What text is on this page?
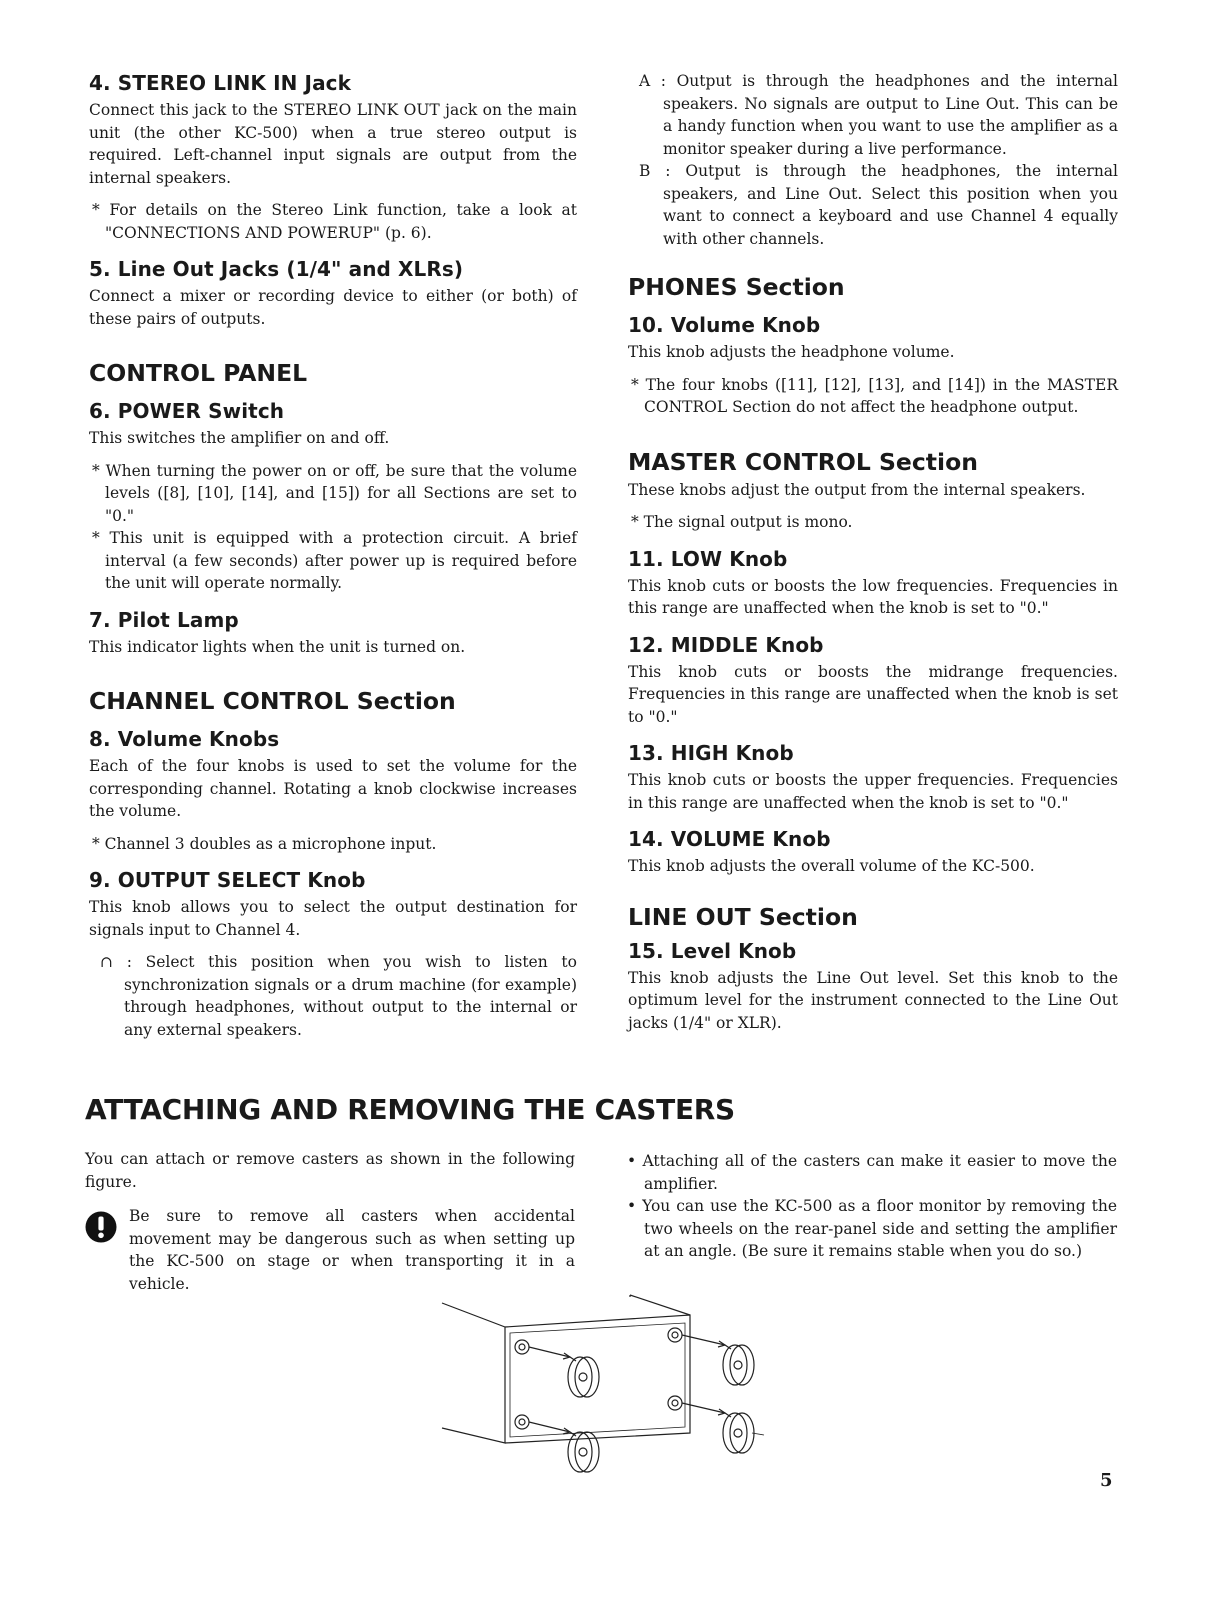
4. STEREO LINK IN Jack

Connect this jack to the STEREO LINK OUT jack on the main unit (the other KC-500) when a true stereo output is required. Left-channel input signals are output from the internal speakers.

* For details on the Stereo Link function, take a look at "CONNECTIONS AND POWERUP" (p. 6).

5. Line Out Jacks (1/4" and XLRs)

Connect a mixer or recording device to either (or both) of these pairs of outputs.

CONTROL PANEL
6. POWER Switch

This switches the amplifier on and off.

* When turning the power on or off, be sure that the volume levels ([8], [10], [14], and [15]) for all Sections are set to "0."

* This unit is equipped with a protection circuit. A brief interval (a few seconds) after power up is required before the unit will operate normally.

7. Pilot Lamp

This indicator lights when the unit is turned on.

CHANNEL CONTROL Section
8. Volume Knobs

Each of the four knobs is used to set the volume for the corresponding channel. Rotating a knob clockwise increases the volume.

* Channel 3 doubles as a microphone input.

9. OUTPUT SELECT Knob

This knob allows you to select the output destination for signals input to Channel 4.

∩ : Select this position when you wish to listen to synchronization signals or a drum machine (for example) through headphones, without output to the internal or any external speakers.

A : Output is through the headphones and the internal speakers. No signals are output to Line Out. This can be a handy function when you want to use the amplifier as a monitor speaker during a live performance.

B : Output is through the headphones, the internal speakers, and Line Out. Select this position when you want to connect a keyboard and use Channel 4 equally with other channels.

PHONES Section
10. Volume Knob

This knob adjusts the headphone volume.

* The four knobs ([11], [12], [13], and [14]) in the MASTER CONTROL Section do not affect the headphone output.

MASTER CONTROL Section

These knobs adjust the output from the internal speakers.

* The signal output is mono.

11. LOW Knob

This knob cuts or boosts the low frequencies. Frequencies in this range are unaffected when the knob is set to "0."

12. MIDDLE Knob

This knob cuts or boosts the midrange frequencies. Frequencies in this range are unaffected when the knob is set to "0."

13. HIGH Knob

This knob cuts or boosts the upper frequencies. Frequencies in this range are unaffected when the knob is set to "0."

14. VOLUME Knob

This knob adjusts the overall volume of the KC-500.

LINE OUT Section
15. Level Knob

This knob adjusts the Line Out level. Set this knob to the optimum level for the instrument connected to the Line Out jacks (1/4" or XLR).

ATTACHING AND REMOVING THE CASTERS

You can attach or remove casters as shown in the following figure.

Be sure to remove all casters when accidental movement may be dangerous such as when setting up the KC-500 on stage or when transporting it in a vehicle.

• Attaching all of the casters can make it easier to move the amplifier.

• You can use the KC-500 as a floor monitor by removing the two wheels on the rear-panel side and setting the amplifier at an angle. (Be sure it remains stable when you do so.)

5
